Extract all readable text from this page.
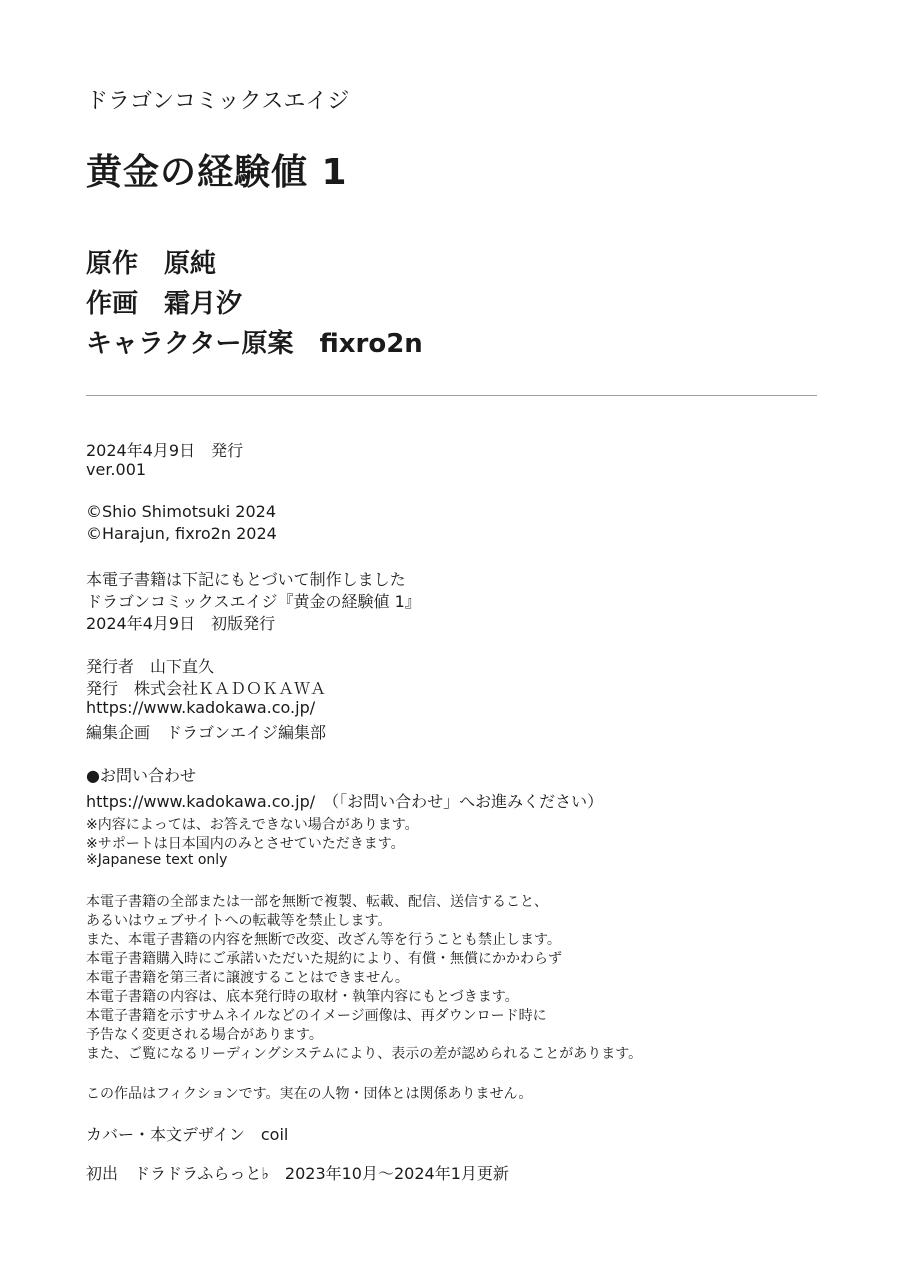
ドラゴンコミックスエイジ
黄金の経験値 1
原作 原純
作画 霜月汐
キャラクター原案 fixro2n
2024年4月9日　発行
ver.001
©Shio Shimotsuki 2024
©Harajun, fixro2n 2024
本電子書籍は下記にもとづいて制作しました
ドラゴンコミックスエイジ『黄金の経験値 1』
2024年4月9日　初版発行
発行者　山下直久
発行　株式会社ＫＡＤＯＫＡＷＡ
https://www.kadokawa.co.jp/
編集企画　ドラゴンエイジ編集部
●お問い合わせ
https://www.kadokawa.co.jp/　（「お問い合わせ」へお進みください）
※内容によっては、お答えできない場合があります。
※サポートは日本国内のみとさせていただきます。
※Japanese text only
本電子書籍の全部または一部を無断で複製、転載、配信、送信すること、
あるいはウェブサイトへの転載等を禁止します。
また、本電子書籍の内容を無断で改変、改ざん等を行うことも禁止します。
本電子書籍購入時にご承諾いただいた規約により、有償・無償にかかわらず
本電子書籍を第三者に譲渡することはできません。
本電子書籍の内容は、底本発行時の取材・執筆内容にもとづきます。
本電子書籍を示すサムネイルなどのイメージ画像は、再ダウンロード時に
予告なく変更される場合があります。
また、ご覧になるリーディングシステムにより、表示の差が認められることがあります。
この作品はフィクションです。実在の人物・団体とは関係ありません。
カバー・本文デザイン　coil
初出　ドラドラふらっと♭　2023年10月〜2024年1月更新
